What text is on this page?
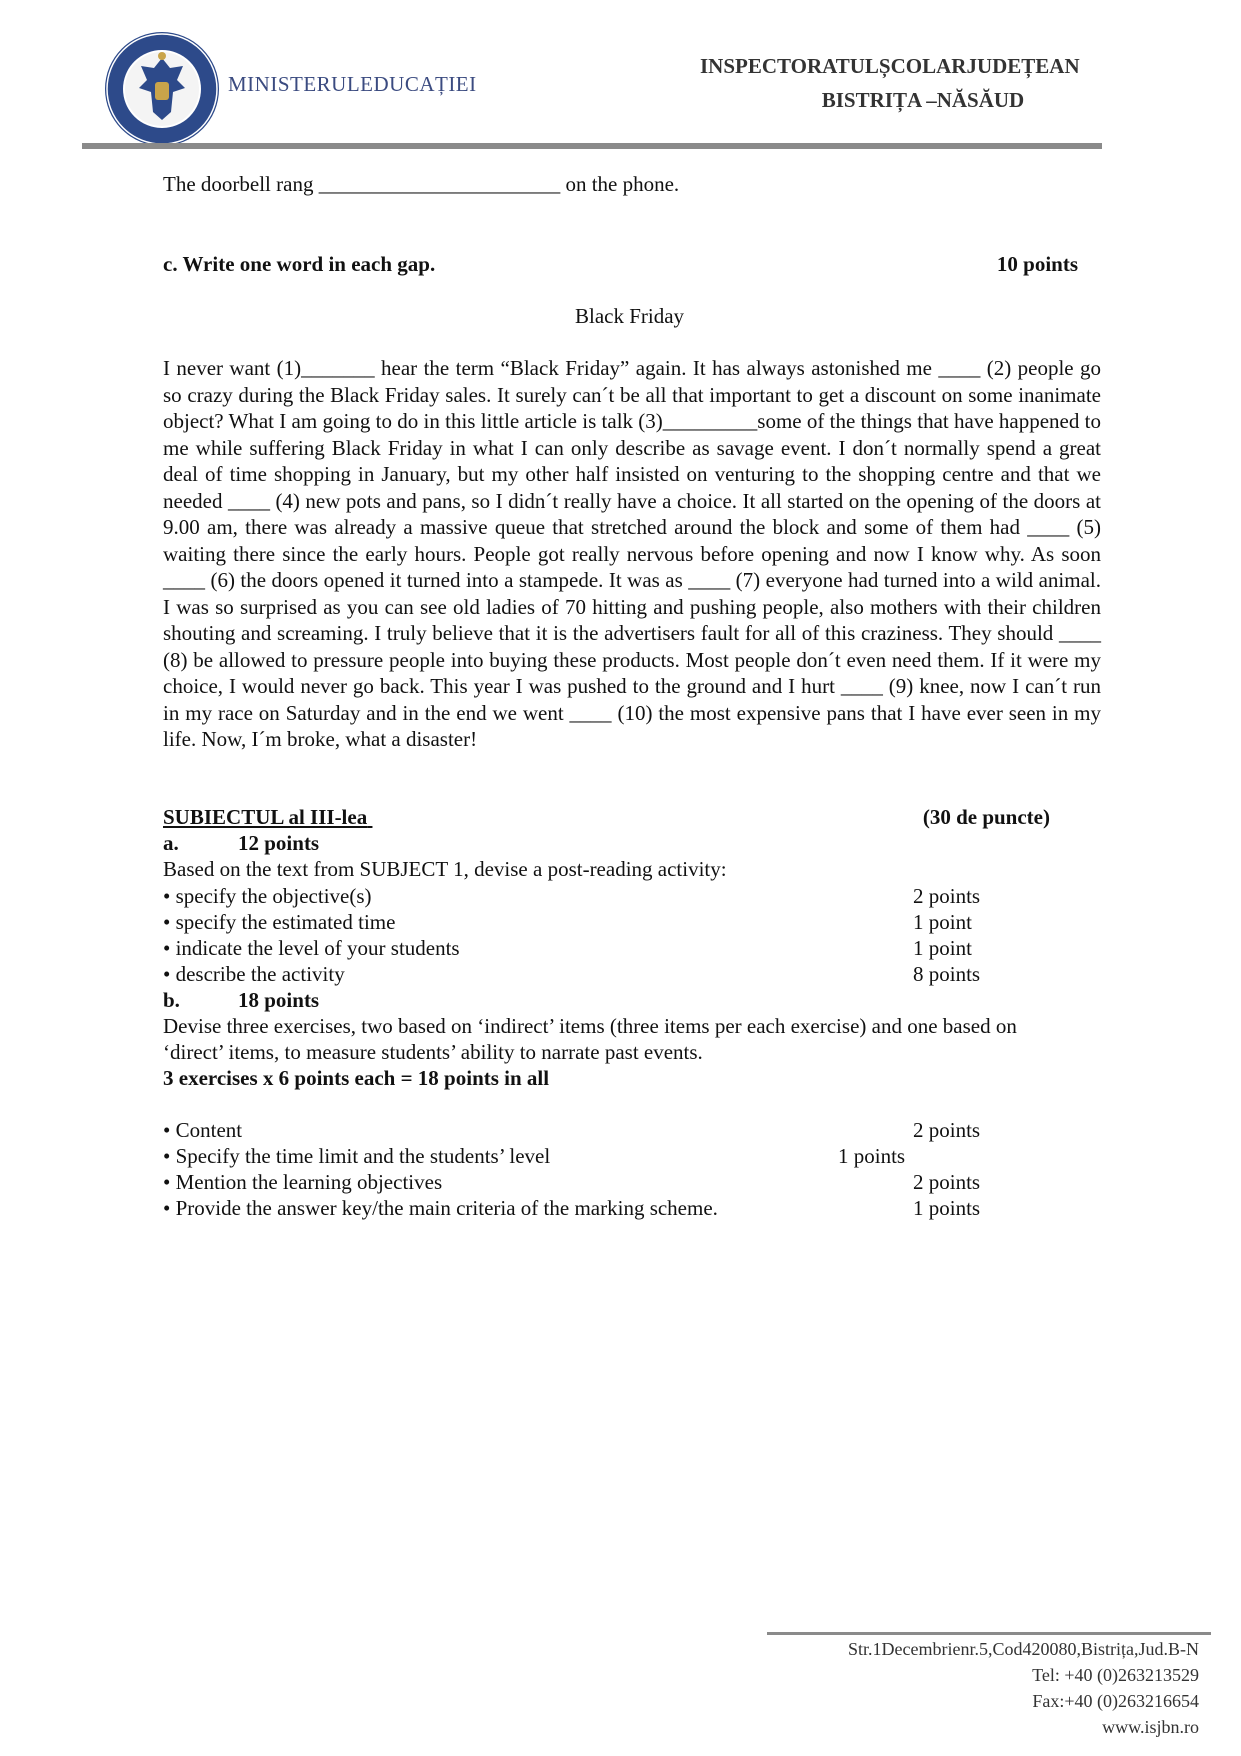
MINISTERULEDUCAȚIEI
INSPECTORATULȘCOLARJUDEȚEAN
BISTRIȚA –NĂSĂUD
The doorbell rang _______________________ on the phone.
c. Write one word in each gap.	10 points
Black Friday
I never want (1)_______ hear the term “Black Friday” again. It has always astonished me ____ (2) people go so crazy during the Black Friday sales. It surely can´t be all that important to get a discount on some inanimate object? What I am going to do in this little article is talk (3)_________some of the things that have happened to me while suffering Black Friday in what I can only describe as savage event. I don´t normally spend a great deal of time shopping in January, but my other half insisted on venturing to the shopping centre and that we needed ____ (4) new pots and pans, so I didn´t really have a choice. It all started on the opening of the doors at 9.00 am, there was already a massive queue that stretched around the block and some of them had ____ (5) waiting there since the early hours. People got really nervous before opening and now I know why. As soon ____ (6) the doors opened it turned into a stampede. It was as ____ (7) everyone had turned into a wild animal. I was so surprised as you can see old ladies of 70 hitting and pushing people, also mothers with their children shouting and screaming. I truly believe that it is the advertisers fault for all of this craziness. They should ____ (8) be allowed to pressure people into buying these products. Most people don´t even need them. If it were my choice, I would never go back. This year I was pushed to the ground and I hurt ____ (9) knee, now I can´t run in my race on Saturday and in the end we went ____ (10) the most expensive pans that I have ever seen in my life. Now, I´m broke, what a disaster!
SUBIECTUL al III-lea	(30 de puncte)
a.	12 points
Based on the text from SUBJECT 1, devise a post-reading activity:
• specify the objective(s)	2 points
• specify the estimated time	1 point
• indicate the level of your students	1 point
• describe the activity	8 points
b.	18 points
Devise three exercises, two based on ‘indirect’ items (three items per each exercise) and one based on
‘direct’ items, to measure students’ ability to narrate past events.
3 exercises x 6 points each = 18 points in all
• Content	2 points
• Specify the time limit and the students’ level	1 points
• Mention the learning objectives	2 points
• Provide the answer key/the main criteria of the marking scheme.	1 points
Str.1Decembrienr.5,Cod420080,Bistrița,Jud.B-N
Tel: +40 (0)263213529
Fax:+40 (0)263216654
www.isjbn.ro
